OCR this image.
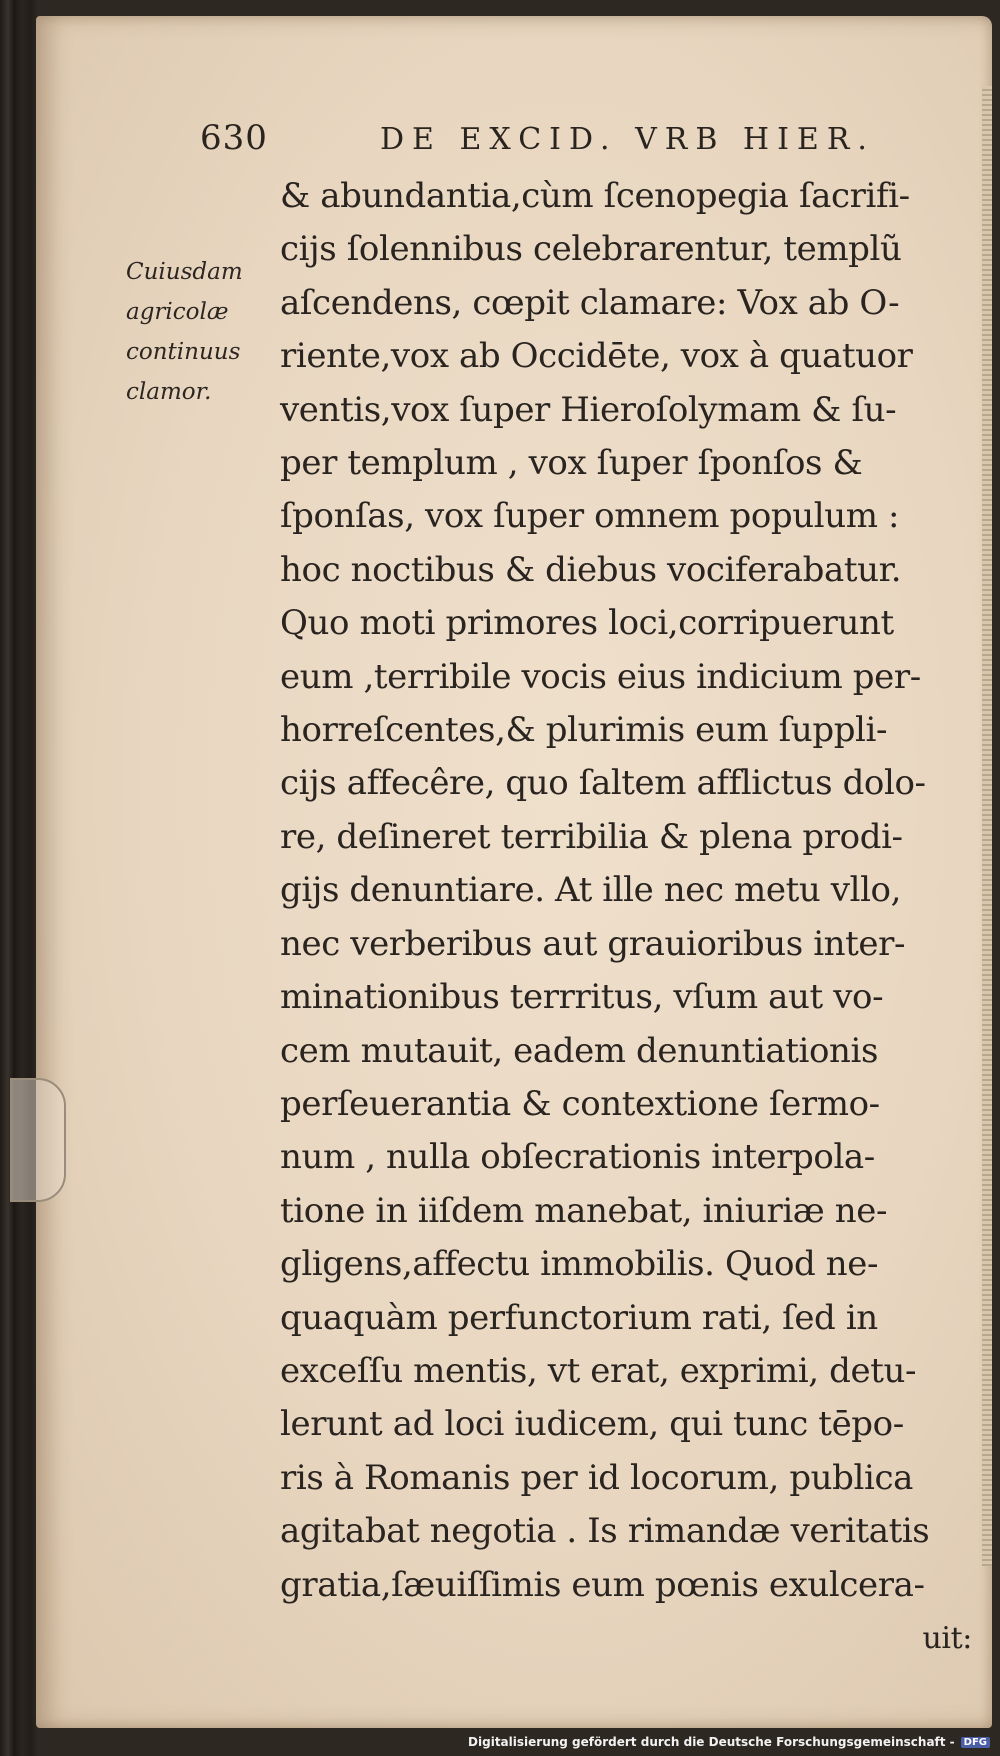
630	DE EXCID. VRB HIER.
Cuiusdam
agricolæ
continuus
clamor.
& abundantia,cùm ſcenopegia ſacrifi-
cijs ſolennibus celebrarentur, templũ
aſcendens, cœpit clamare: Vox ab O-
riente,vox ab Occidēte, vox à quatuor
ventis,vox ſuper Hieroſolymam & ſu-
per templum , vox ſuper ſponſos &
ſponſas, vox ſuper omnem populum :
hoc noctibus & diebus vociferabatur.
Quo moti primores loci,corripuerunt
eum ,terribile vocis eius indicium per-
horreſcentes,& plurimis eum ſuppli-
cijs affecêre, quo ſaltem afflictus dolo-
re, deſineret terribilia & plena prodi-
gijs denuntiare. At ille nec metu vllo,
nec verberibus aut grauioribus inter-
minationibus terrritus, vſum aut vo-
cem mutauit, eadem denuntiationis
perſeuerantia & contextione ſermo-
num , nulla obſecrationis interpola-
tione in iiſdem manebat, iniuriæ ne-
gligens,affectu immobilis. Quod ne-
quaquàm perfunctorium rati, ſed in
exceſſu mentis, vt erat, exprimi, detu-
lerunt ad loci iudicem, qui tunc tēpo-
ris à Romanis per id locorum, publica
agitabat negotia . Is rimandæ veritatis
gratia,ſæuiſſimis eum pœnis exulcera-
uit:
Digitalisierung gefördert durch die Deutsche Forschungsgemeinschaft - DFG
